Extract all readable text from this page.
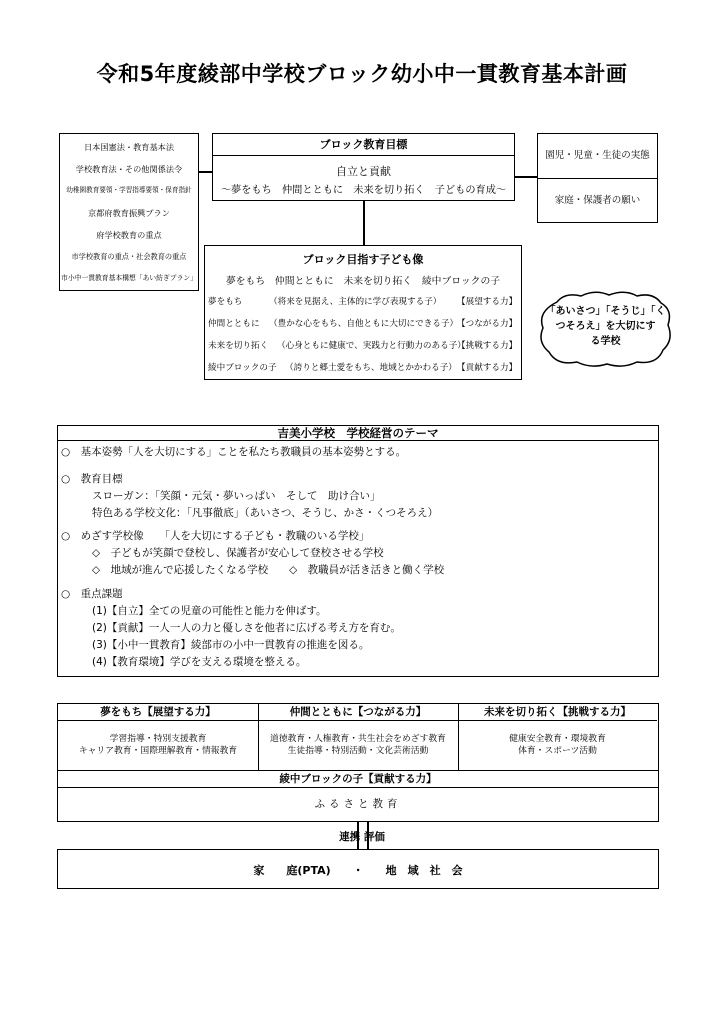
令和5年度綾部中学校ブロック幼小中一貫教育基本計画
日本国憲法・教育基本法
学校教育法・その他関係法令
幼稚園教育要領・学習指導要領・保育指針
京都府教育振興プラン
府学校教育の重点
市学校教育の重点・社会教育の重点
市小中一貫教育基本構想「あい紡ぎプラン」
ブロック教育目標
自立と貢献
～夢をもち　仲間とともに　未来を切り拓く　子どもの育成～
園児・児童・生徒の実態
家庭・保護者の願い
ブロック目指す子ども像
夢をもち　仲間とともに　未来を切り拓く　綾中ブロックの子
夢をもち	（将来を見据え、主体的に学び表現する子） 【展望する力】
仲間とともに （豊かな心をもち、自他ともに大切にできる子）
【つながる力】
未来を切り拓く （心身ともに健康で、実践力と行動力のある子）
【挑戦する力】
綾中ブロックの子 （誇りと郷土愛をもち、地域とかかわる子） 【貢献する力】
「あいさつ」「そうじ」「く
つそろえ」を大切にす
る学校
吉美小学校　学校経営のテーマ
○　基本姿勢「人を大切にする」ことを私たち教職員の基本姿勢とする。
○　教育目標
スローガン：「笑顔・元気・夢いっぱい　そして　助け合い」
特色ある学校文化：「凡事徹底」（あいさつ、そうじ、かさ・くつそろえ）
○　めざす学校像　　「人を大切にする子ども・教職のいる学校」
◇　子どもが笑顔で登校し、保護者が安心して登校させる学校
◇　地域が進んで応援したくなる学校　　◇　教職員が活き活きと働く学校
○　重点課題
(1)【自立】全ての児童の可能性と能力を伸ばす。
(2)【貢献】一人一人の力と優しさを他者に広げる考え方を育む。
(3)【小中一貫教育】綾部市の小中一貫教育の推進を図る。
(4)【教育環境】学びを支える環境を整える。
夢をもち【展望する力】
学習指導・特別支援教育
キャリア教育・国際理解教育・情報教育
仲間とともに【つながる力】
道徳教育・人権教育・共生社会をめざす教育
生徒指導・特別活動・文化芸術活動
未来を切り拓く【挑戦する力】
健康安全教育・環境教育
体育・スポーツ活動
綾中ブロックの子【貢献する力】
ふるさと教育
連携 評価
家　　庭(PTA)　　・　　地　域　社　会
